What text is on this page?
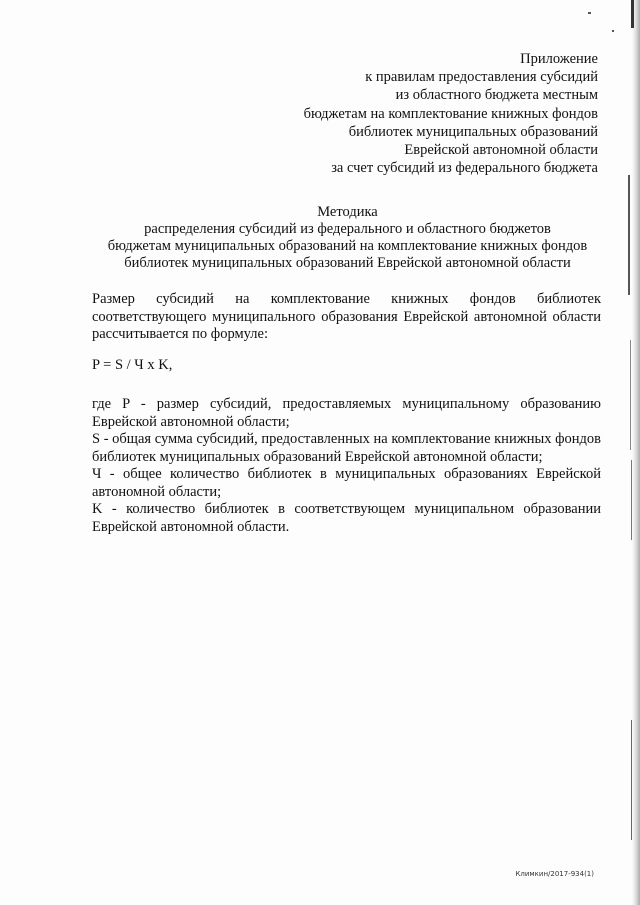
Приложение
к правилам предоставления субсидий
из областного бюджета местным
бюджетам на комплектование книжных фондов
библиотек муниципальных образований
Еврейской автономной области
за счет субсидий из федерального бюджета
Методика
распределения субсидий из федерального и областного бюджетов
бюджетам муниципальных образований на комплектование книжных фондов
библиотек муниципальных образований Еврейской автономной области

Размер субсидий на комплектование книжных фондов библиотек соответствующего муниципального образования Еврейской автономной области рассчитывается по формуле:

P = S / Ч x K,

где P - размер субсидий, предоставляемых муниципальному образованию Еврейской автономной области;

S - общая сумма субсидий, предоставленных на комплектование книжных фондов библиотек муниципальных образований Еврейской автономной области;

Ч - общее количество библиотек в муниципальных образованиях Еврейской автономной области;

K - количество библиотек в соответствующем муниципальном образовании Еврейской автономной области.

Климкин/2017-934(1)
